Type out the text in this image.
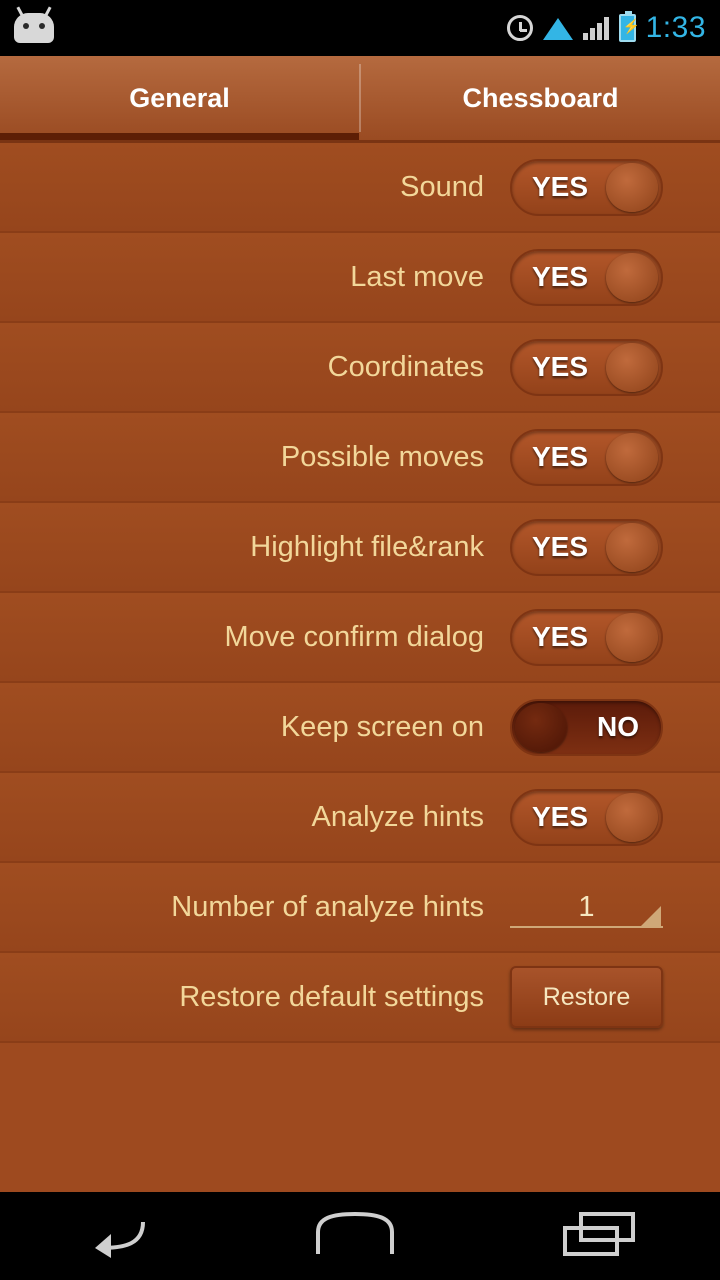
⚡
1:33
General	Chessboard
Sound	YES
Last move	YES
Coordinates	YES
Possible moves	YES
Highlight file&rank	YES
Move confirm dialog	YES
Keep screen on	NO
Analyze hints	YES
Number of analyze hints	1
Restore default settings	Restore
